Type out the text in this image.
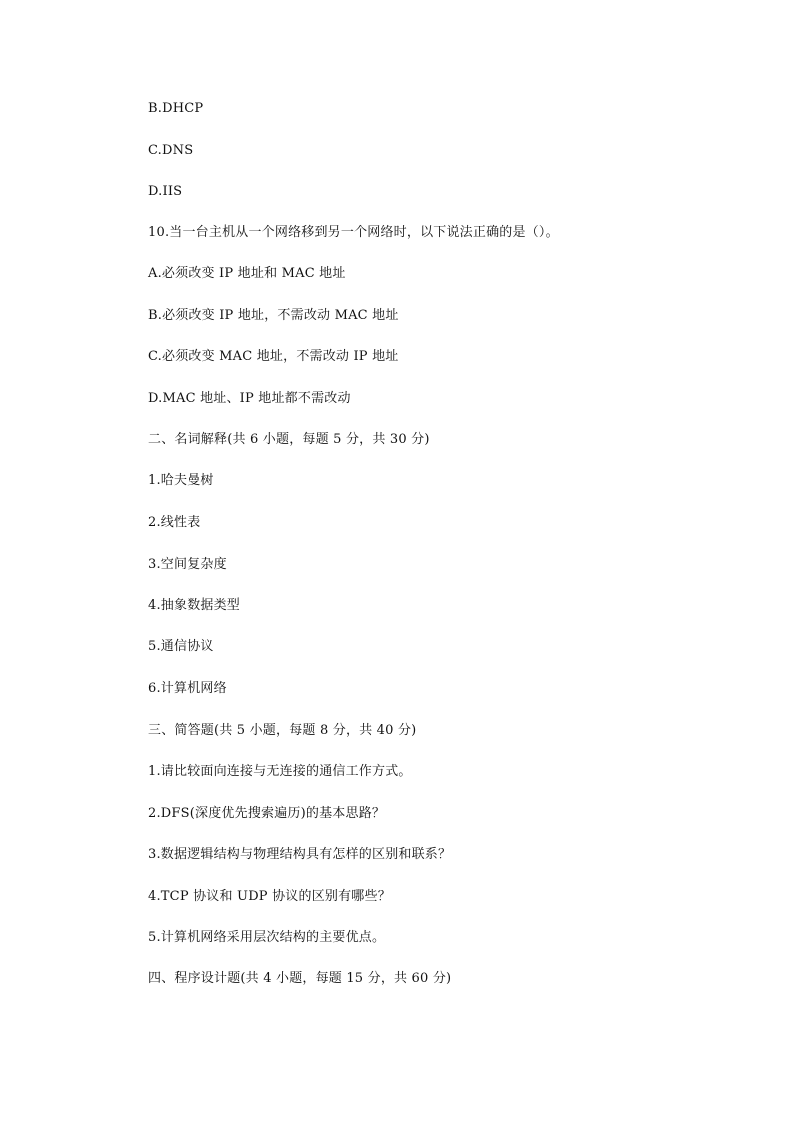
B.DHCP
C.DNS
D.IIS
10.当一台主机从一个网络移到另一个网络时，以下说法正确的是（）。
A.必须改变 IP 地址和 MAC 地址
B.必须改变 IP 地址，不需改动 MAC 地址
C.必须改变 MAC 地址，不需改动 IP 地址
D.MAC 地址、IP 地址都不需改动
二、名词解释(共 6 小题，每题 5 分，共 30 分)
1.哈夫曼树
2.线性表
3.空间复杂度
4.抽象数据类型
5.通信协议
6.计算机网络
三、简答题(共 5 小题，每题 8 分，共 40 分)
1.请比较面向连接与无连接的通信工作方式。
2.DFS(深度优先搜索遍历)的基本思路？
3.数据逻辑结构与物理结构具有怎样的区别和联系？
4.TCP 协议和 UDP 协议的区别有哪些？
5.计算机网络采用层次结构的主要优点。
四、程序设计题(共 4 小题，每题 15 分，共 60 分)
